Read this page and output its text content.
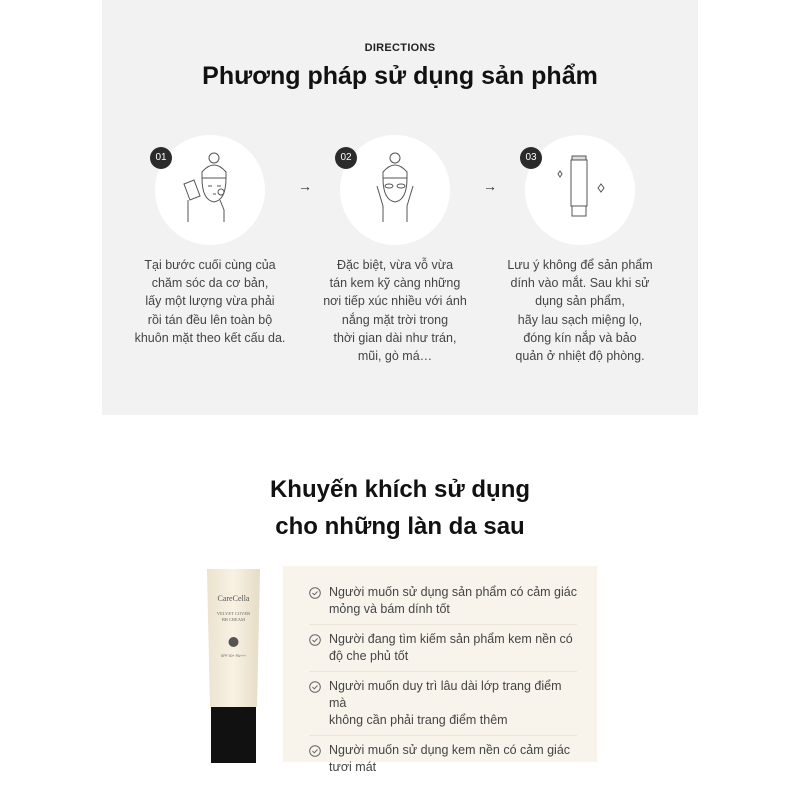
DIRECTIONS
Phương pháp sử dụng sản phẩm
01
Tại bước cuối cùng của
chăm sóc da cơ bản,
lấy một lượng vừa phải
rồi tán đều lên toàn bộ
khuôn mặt theo kết cấu da.
→
02
Đặc biệt, vừa vỗ vừa
tán kem kỹ càng những
nơi tiếp xúc nhiều với ánh
nắng mặt trời trong
thời gian dài như trán,
mũi, gò má…
→
03
Lưu ý không để sản phẩm
dính vào mắt. Sau khi sử
dụng sản phẩm,
hãy lau sạch miệng lọ,
đóng kín nắp và bảo
quản ở nhiệt độ phòng.
Khuyến khích sử dụng
cho những làn da sau
CareCella
VELVET COVER
BB CREAM
SPF 50+ PA+++
Người muốn sử dụng sản phẩm có cảm giác
mỏng và bám dính tốt
Người đang tìm kiếm sản phẩm kem nền có
độ che phủ tốt
Người muốn duy trì lâu dài lớp trang điểm mà
không cần phải trang điểm thêm
Người muốn sử dụng kem nền có cảm giác
tươi mát
